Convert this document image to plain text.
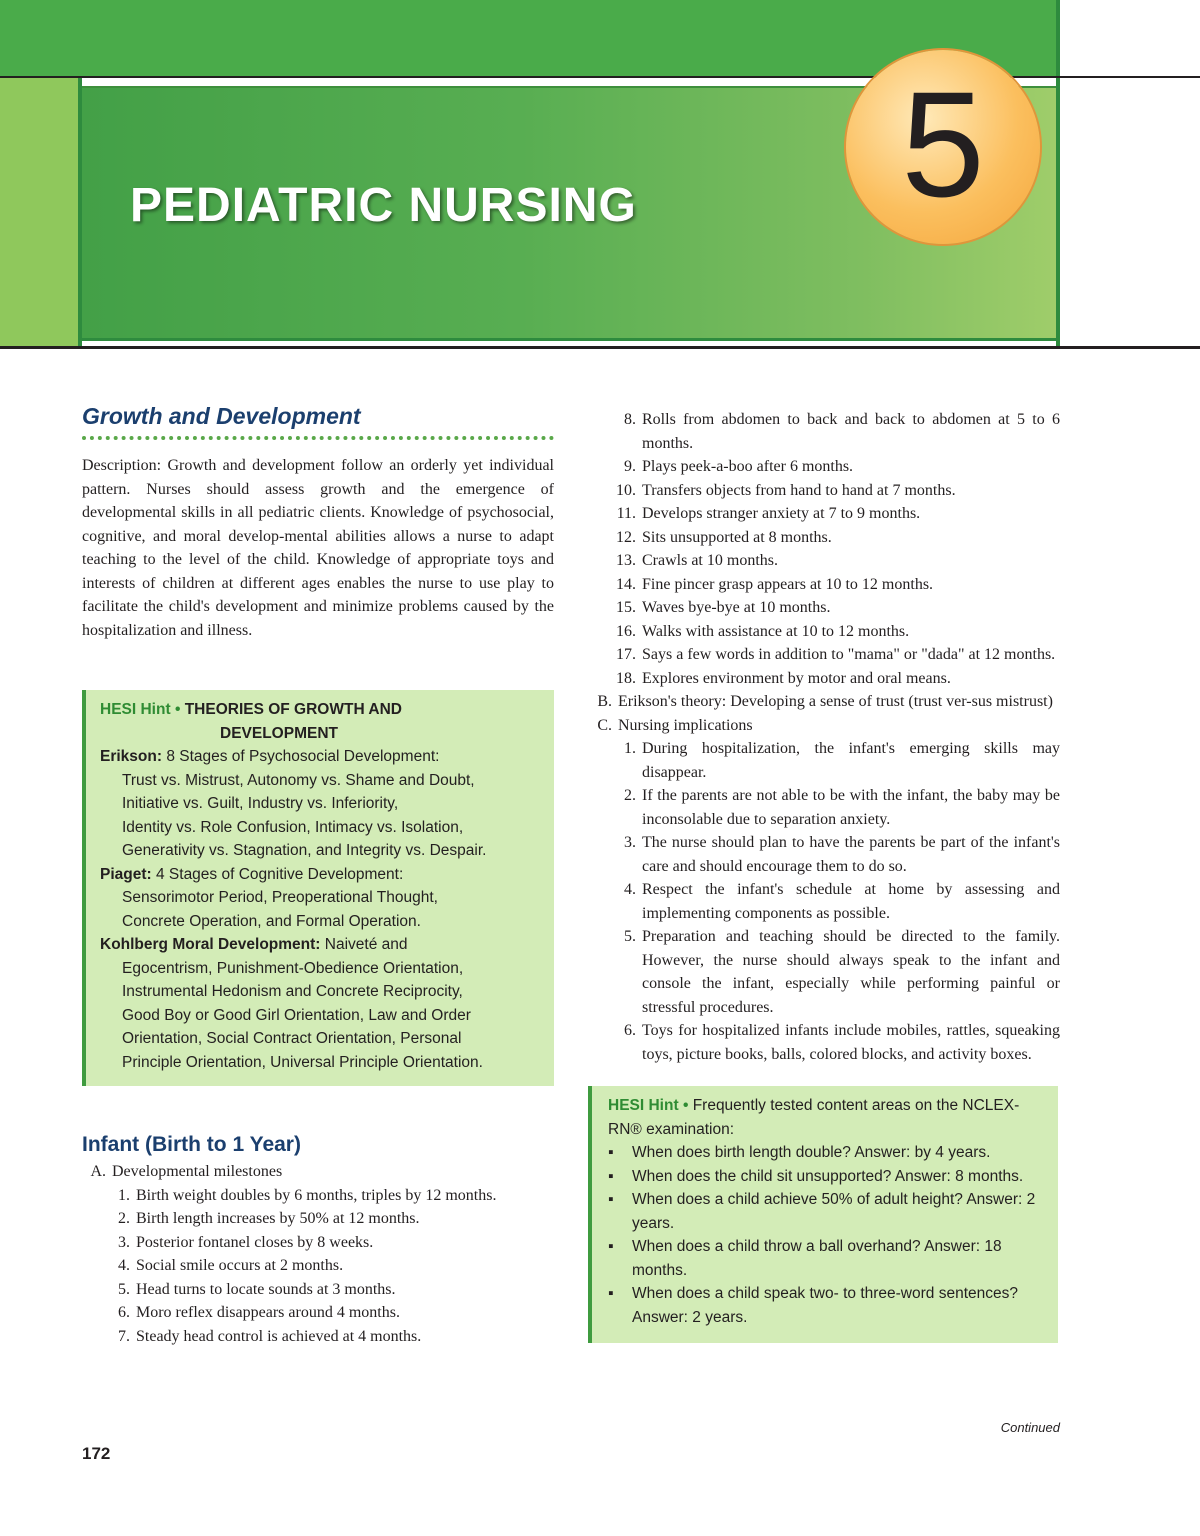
PEDIATRIC NURSING 5
Growth and Development

Description: Growth and development follow an orderly yet individual pattern. Nurses should assess growth and the emergence of developmental skills in all pediatric clients. Knowledge of psychosocial, cognitive, and moral develop-mental abilities allows a nurse to adapt teaching to the level of the child. Knowledge of appropriate toys and interests of children at different ages enables the nurse to use play to facilitate the child's development and minimize problems caused by the hospitalization and illness.

HESI Hint • THEORIES OF GROWTH AND
DEVELOPMENT

Erikson: 8 Stages of Psychosocial Development:

Trust vs. Mistrust, Autonomy vs. Shame and Doubt,

Initiative vs. Guilt, Industry vs. Inferiority,

Identity vs. Role Confusion, Intimacy vs. Isolation,

Generativity vs. Stagnation, and Integrity vs. Despair.

Piaget: 4 Stages of Cognitive Development:

Sensorimotor Period, Preoperational Thought,

Concrete Operation, and Formal Operation.

Kohlberg Moral Development: Naiveté and

Egocentrism, Punishment-Obedience Orientation,

Instrumental Hedonism and Concrete Reciprocity,

Good Boy or Good Girl Orientation, Law and Order

Orientation, Social Contract Orientation, Personal

Principle Orientation, Universal Principle Orientation.

Infant (Birth to 1 Year)
A. Developmental milestones
1. Birth weight doubles by 6 months, triples by 12 months.
2. Birth length increases by 50% at 12 months.
3. Posterior fontanel closes by 8 weeks.
4. Social smile occurs at 2 months.
5. Head turns to locate sounds at 3 months.
6. Moro reflex disappears around 4 months.
7. Steady head control is achieved at 4 months.
8. Rolls from abdomen to back and back to abdomen at 5 to 6 months.
9. Plays peek-a-boo after 6 months.
10. Transfers objects from hand to hand at 7 months.
11. Develops stranger anxiety at 7 to 9 months.
12. Sits unsupported at 8 months.
13. Crawls at 10 months.
14. Fine pincer grasp appears at 10 to 12 months.
15. Waves bye-bye at 10 months.
16. Walks with assistance at 10 to 12 months.
17. Says a few words in addition to "mama" or "dada" at 12 months.
18. Explores environment by motor and oral means.
B. Erikson's theory: Developing a sense of trust (trust ver-sus mistrust)
C. Nursing implications
1. During hospitalization, the infant's emerging skills may disappear.
2. If the parents are not able to be with the infant, the baby may be inconsolable due to separation anxiety.
3. The nurse should plan to have the parents be part of the infant's care and should encourage them to do so.
4. Respect the infant's schedule at home by assessing and implementing components as possible.
5. Preparation and teaching should be directed to the family. However, the nurse should always speak to the infant and console the infant, especially while performing painful or stressful procedures.
6. Toys for hospitalized infants include mobiles, rattles, squeaking toys, picture books, balls, colored blocks, and activity boxes.
HESI Hint • Frequently tested content areas on the NCLEX-RN® examination:
▪	When does birth length double? Answer: by 4 years.
▪	When does the child sit unsupported? Answer: 8 months.
▪	When does a child achieve 50% of adult height? Answer: 2 years.
▪	When does a child throw a ball overhand? Answer: 18 months.
▪	When does a child speak two- to three-word sentences? Answer: 2 years.
Continued
172
